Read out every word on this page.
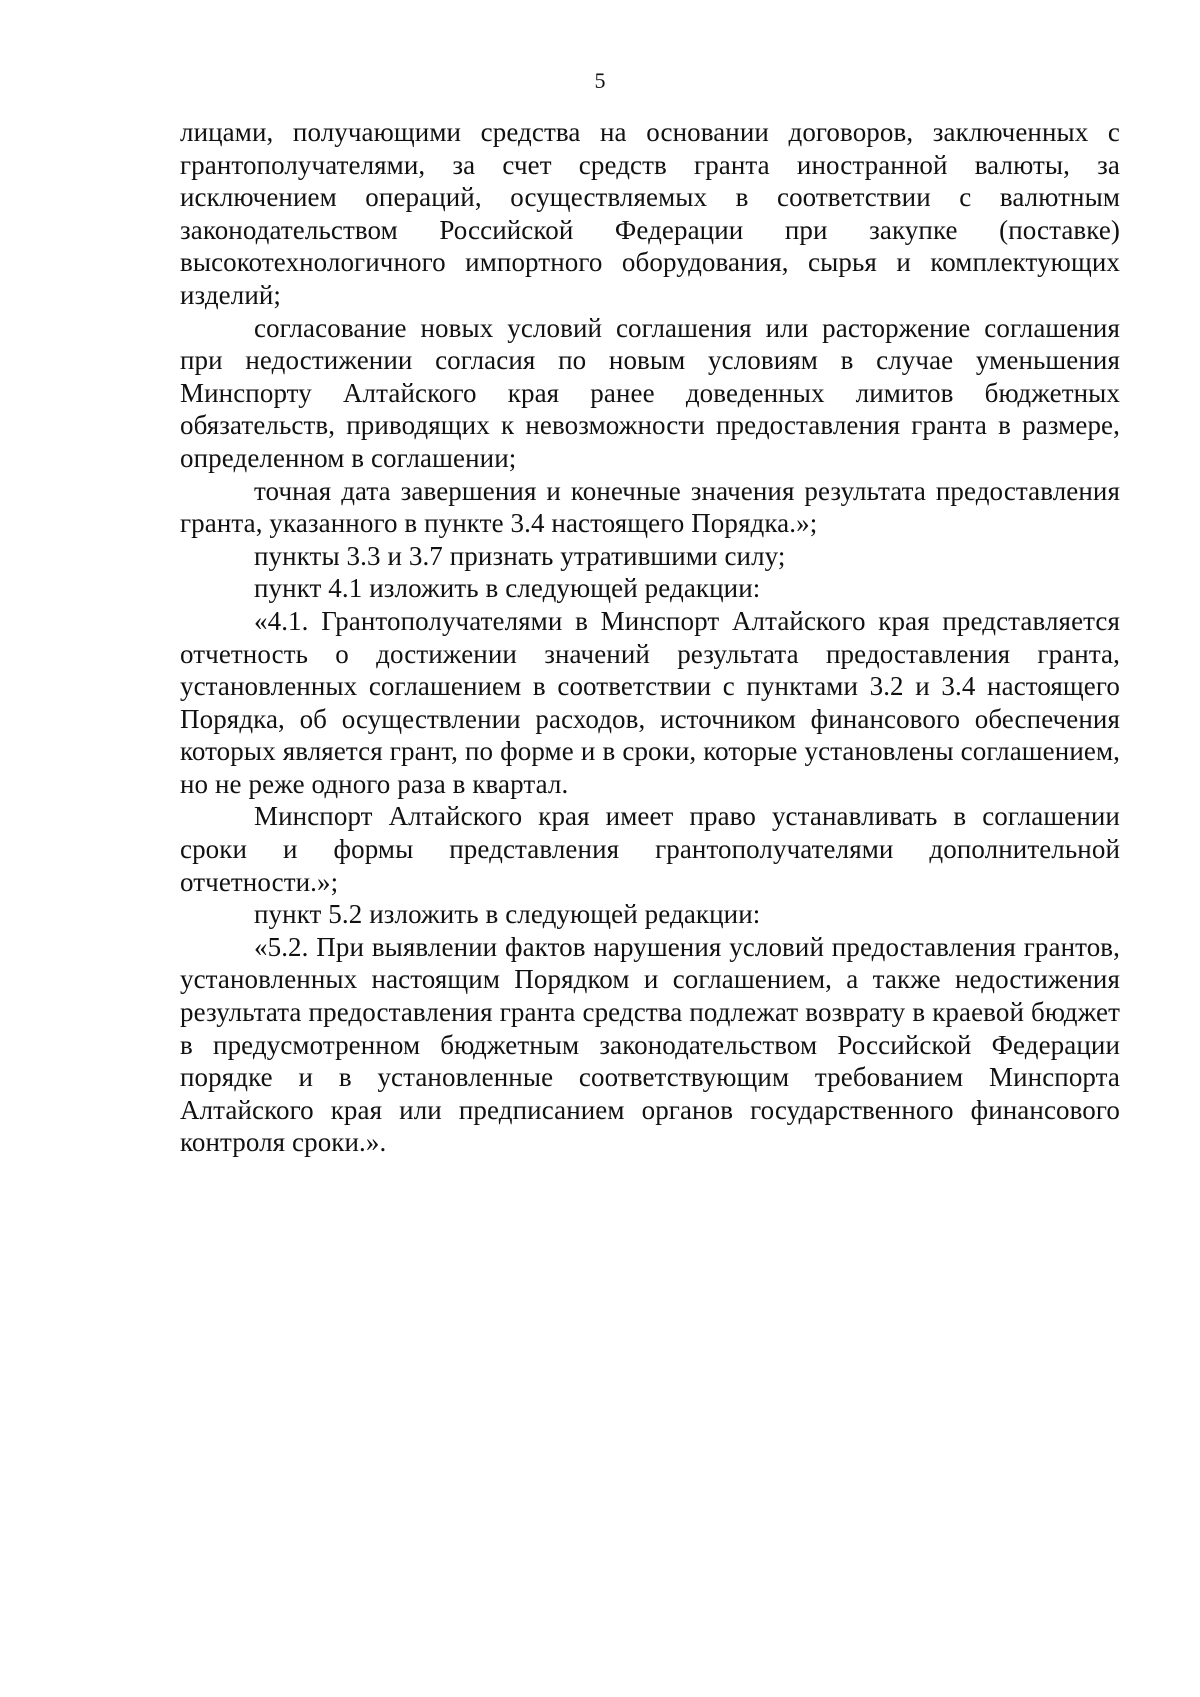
5

лицами, получающими средства на основании договоров, заключенных с грантополучателями, за счет средств гранта иностранной валюты, за исключением операций, осуществляемых в соответствии с валютным законодательством Российской Федерации при закупке (поставке) высокотехнологичного импортного оборудования, сырья и комплектующих изделий;

согласование новых условий соглашения или расторжение соглашения при недостижении согласия по новым условиям в случае уменьшения Минспорту Алтайского края ранее доведенных лимитов бюджетных обязательств, приводящих к невозможности предоставления гранта в размере, определенном в соглашении;

точная дата завершения и конечные значения результата предоставления гранта, указанного в пункте 3.4 настоящего Порядка.»;

пункты 3.3 и 3.7 признать утратившими силу;

пункт 4.1 изложить в следующей редакции:

«4.1. Грантополучателями в Минспорт Алтайского края представляется отчетность о достижении значений результата предоставления гранта, установленных соглашением в соответствии с пунктами 3.2 и 3.4 настоящего Порядка, об осуществлении расходов, источником финансового обеспечения которых является грант, по форме и в сроки, которые установлены соглашением, но не реже одного раза в квартал.

Минспорт Алтайского края имеет право устанавливать в соглашении сроки и формы представления грантополучателями дополнительной отчетности.»;

пункт 5.2 изложить в следующей редакции:

«5.2. При выявлении фактов нарушения условий предоставления грантов, установленных настоящим Порядком и соглашением, а также недостижения результата предоставления гранта средства подлежат возврату в краевой бюджет в предусмотренном бюджетным законодательством Российской Федерации порядке и в установленные соответствующим требованием Минспорта Алтайского края или предписанием органов государственного финансового контроля сроки.».
